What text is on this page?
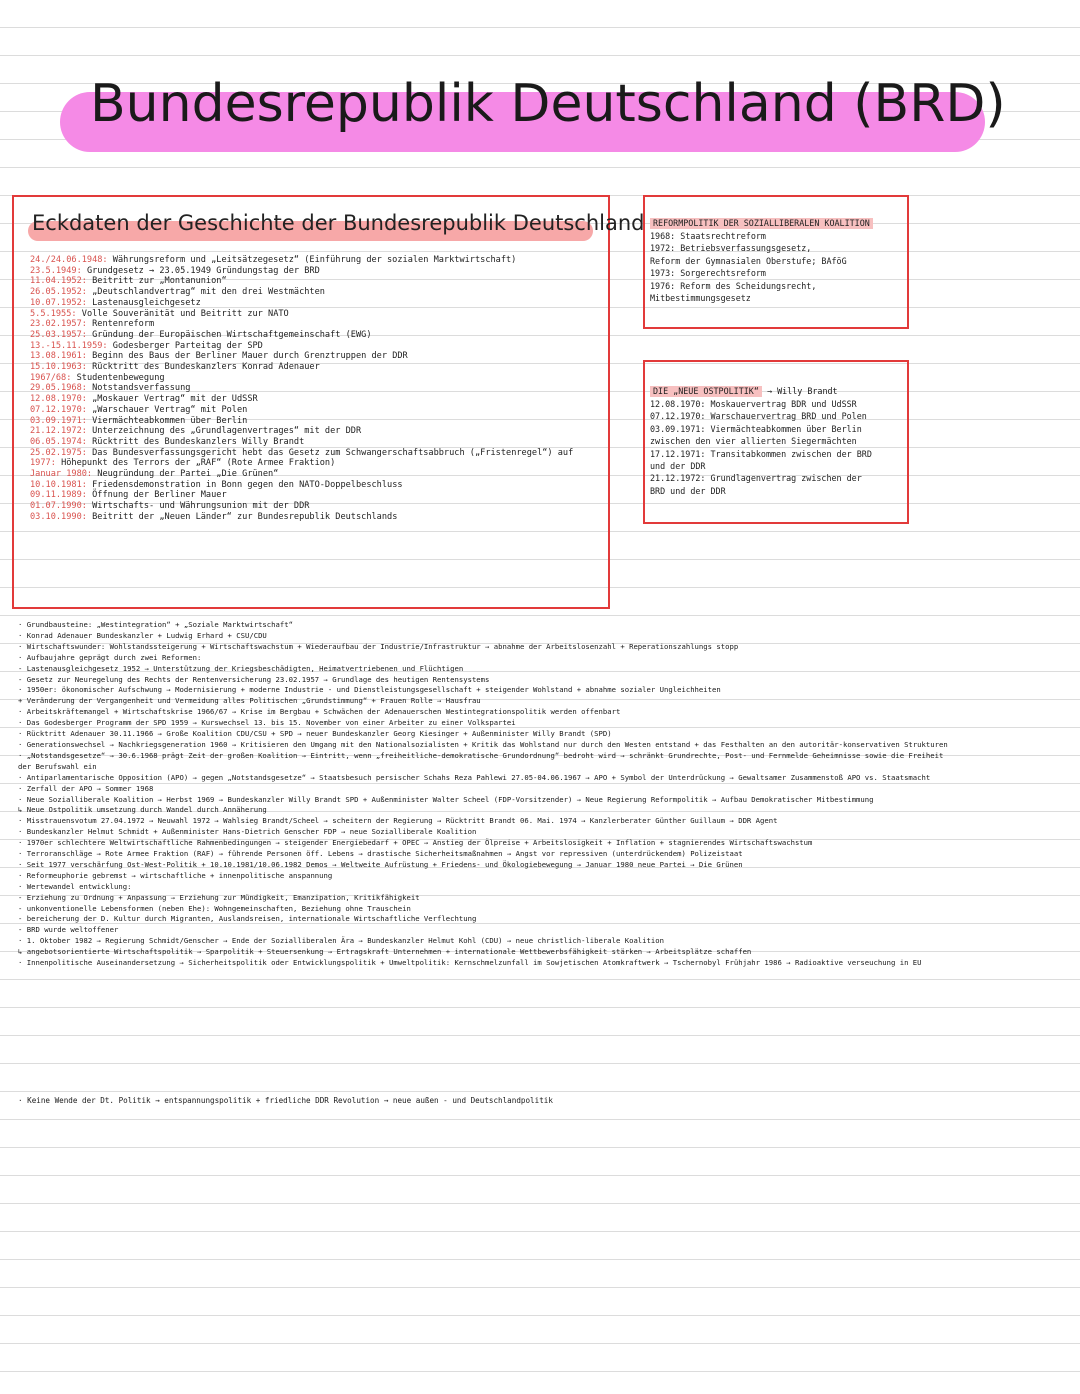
Bundesrepublik Deutschland (BRD)
Eckdaten der Geschichte der Bundesrepublik Deutschland
24./24.06.1948: Währungsreform und „Leitsätzegesetz“ (Einführung der sozialen Marktwirtschaft)
23.5.1949: Grundgesetz → 23.05.1949 Gründungstag der BRD
11.04.1952: Beitritt zur „Montanunion“
26.05.1952: „Deutschlandvertrag“ mit den drei Westmächten
10.07.1952: Lastenausgleichgesetz
5.5.1955: Volle Souveränität und Beitritt zur NATO
23.02.1957: Rentenreform
25.03.1957: Gründung der Europäischen Wirtschaftgemeinschaft (EWG)
13.-15.11.1959: Godesberger Parteitag der SPD
13.08.1961: Beginn des Baus der Berliner Mauer durch Grenztruppen der DDR
15.10.1963: Rücktritt des Bundeskanzlers Konrad Adenauer
1967/68: Studentenbewegung
29.05.1968: Notstandsverfassung
12.08.1970: „Moskauer Vertrag“ mit der UdSSR
07.12.1970: „Warschauer Vertrag“ mit Polen
03.09.1971: Viermächteabkommen über Berlin
21.12.1972: Unterzeichnung des „Grundlagenvertrages“ mit der DDR
06.05.1974: Rücktritt des Bundeskanzlers Willy Brandt
25.02.1975: Das Bundesverfassungsgericht hebt das Gesetz zum Schwangerschaftsabbruch („Fristenregel“) auf
1977: Höhepunkt des Terrors der „RAF“ (Rote Armee Fraktion)
Januar 1980: Neugründung der Partei „Die Grünen“
10.10.1981: Friedensdemonstration in Bonn gegen den NATO-Doppelbeschluss
09.11.1989: Öffnung der Berliner Mauer
01.07.1990: Wirtschafts- und Währungsunion mit der DDR
03.10.1990: Beitritt der „Neuen Länder“ zur Bundesrepublik Deutschlands
REFORMPOLITIK DER SOZIALLIBERALEN KOALITION
1968: Staatsrechtreform
1972: Betriebsverfassungsgesetz,
Reform der Gymnasialen Oberstufe; BAföG
1973: Sorgerechtsreform
1976: Reform des Scheidungsrecht,
Mitbestimmungsgesetz
DIE „NEUE OSTPOLITIK“ → Willy Brandt
12.08.1970: Moskauervertrag BDR und UdSSR
07.12.1970: Warschauervertrag BRD und Polen
03.09.1971: Viermächteabkommen über Berlin
zwischen den vier allierten Siegermächten
17.12.1971: Transitabkommen zwischen der BRD
und der DDR
21.12.1972: Grundlagenvertrag zwischen der
BRD und der DDR
· Grundbausteine: „Westintegration“ + „Soziale Marktwirtschaft“
· Konrad Adenauer Bundeskanzler + Ludwig Erhard + CSU/CDU
· Wirtschaftswunder: Wohlstandssteigerung + Wirtschaftswachstum + Wiederaufbau der Industrie/Infrastruktur → abnahme der Arbeitslosenzahl + Reperationszahlungs stopp
· Aufbaujahre geprägt durch zwei Reformen:
- Lastenausgleichgesetz 1952 → Unterstützung der Kriegsbeschädigten, Heimatvertriebenen und Flüchtigen
- Gesetz zur Neuregelung des Rechts der Rentenversicherung 23.02.1957 → Grundlage des heutigen Rentensystems
· 1950er: ökonomischer Aufschwung → Modernisierung + moderne Industrie - und Dienstleistungsgesellschaft + steigender Wohlstand + abnahme sozialer Ungleichheiten
+ Veränderung der Vergangenheit und Vermeidung alles Politischen „Grundstimmung“ + Frauen Rolle → Hausfrau
· Arbeitskräftemangel + Wirtschaftskrise 1966/67 → Krise im Bergbau + Schwächen der Adenauerschen Westintegrationspolitik werden offenbart
· Das Godesberger Programm der SPD 1959 → Kurswechsel 13. bis 15. November von einer Arbeiter zu einer Volkspartei
· Rücktritt Adenauer 30.11.1966 → Große Koalition CDU/CSU + SPD → neuer Bundeskanzler Georg Kiesinger + Außenminister Willy Brandt (SPD)
· Generationswechsel → Nachkriegsgeneration 1960 → Kritisieren den Umgang mit den Nationalsozialisten + Kritik das Wohlstand nur durch den Westen entstand + das Festhalten an den autoritär-konservativen Strukturen
· „Notstandsgesetze“ → 30.6.1968 prägt Zeit der großen Koalition → Eintritt, wenn „freiheitliche-demokratische Grundordnung“ bedroht wird → schränkt Grundrechte, Post- und Fernmelde Geheimnisse sowie die Freiheit
der Berufswahl ein
· Antiparlamentarische Opposition (APO) → gegen „Notstandsgesetze“ → Staatsbesuch persischer Schahs Reza Pahlewi 27.05-04.06.1967 → APO + Symbol der Unterdrückung → Gewaltsamer Zusammenstoß APO vs. Staatsmacht
· Zerfall der APO → Sommer 1968
· Neue Sozialliberale Koalition → Herbst 1969 → Bundeskanzler Willy Brandt SPD + Außenminister Walter Scheel (FDP-Vorsitzender) → Neue Regierung Reformpolitik → Aufbau Demokratischer Mitbestimmung
↳ Neue Ostpolitik umsetzung durch Wandel durch Annäherung
· Misstrauensvotum 27.04.1972 → Neuwahl 1972 → Wahlsieg Brandt/Scheel → scheitern der Regierung → Rücktritt Brandt 06. Mai. 1974 → Kanzlerberater Günther Guillaum → DDR Agent
· Bundeskanzler Helmut Schmidt + Außenminister Hans-Dietrich Genscher FDP → neue Sozialliberale Koalition
· 1970er schlechtere Weltwirtschaftliche Rahmenbedingungen → steigender Energiebedarf + OPEC → Anstieg der Ölpreise + Arbeitslosigkeit + Inflation + stagnierendes Wirtschaftswachstum
· Terroranschläge → Rote Armee Fraktion (RAF) → führende Personen öff. Lebens → drastische Sicherheitsmaßnahmen → Angst vor repressiven (unterdrückendem) Polizeistaat
· Seit 1977 verschärfung Ost-West-Politik + 10.10.1981/10.06.1982 Demos → Weltweite Aufrüstung + Friedens- und Ökologiebewegung → Januar 1980 neue Partei → Die Grünen
· Reformeuphorie gebremst → wirtschaftliche + innenpolitische anspannung
· Wertewandel entwicklung:
- Erziehung zu Ordnung + Anpassung → Erziehung zur Mündigkeit, Emanzipation, Kritikfähigkeit
- unkonventionelle Lebensformen (neben Ehe): Wohngemeinschaften, Beziehung ohne Trauschein
- bereicherung der D. Kultur durch Migranten, Auslandsreisen, internationale Wirtschaftliche Verflechtung
- BRD wurde weltoffener
· 1. Oktober 1982 → Regierung Schmidt/Genscher → Ende der Sozialliberalen Ära → Bundeskanzler Helmut Kohl (CDU) → neue christlich-liberale Koalition
↳ angebotsorientierte Wirtschaftspolitik → Sparpolitik + Steuersenkung → Ertragskraft Unternehmen + internationale Wettbewerbsfähigkeit stärken → Arbeitsplätze schaffen
· Innenpolitische Auseinandersetzung → Sicherheitspolitik oder Entwicklungspolitik + Umweltpolitik: Kernschmelzunfall im Sowjetischen Atomkraftwerk → Tschernobyl Frühjahr 1986 → Radioaktive verseuchung in EU

· Keine Wende der Dt. Politik → entspannungspolitik + friedliche DDR Revolution → neue außen - und Deutschlandpolitik
